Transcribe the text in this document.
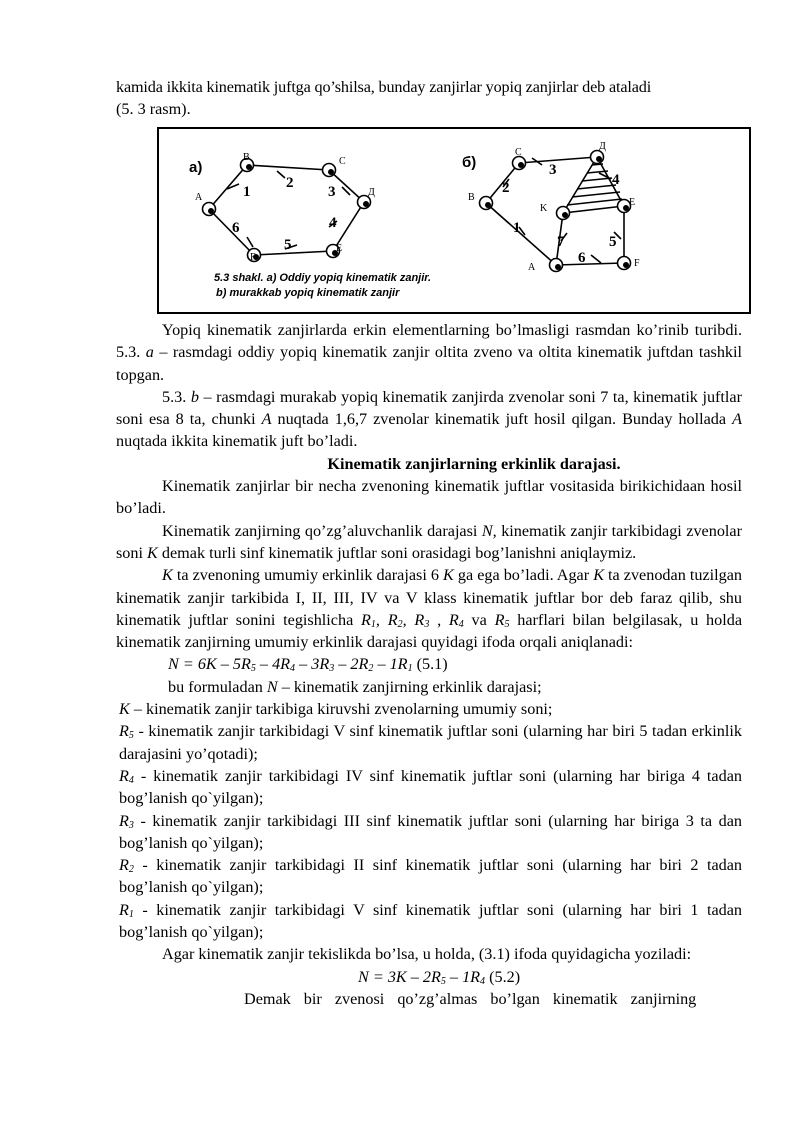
kamida ikkita kinematik juftga qo’shilsa, bunday zanjirlar yopiq zanjirlar deb ataladi

(5. 3 rasm).

a)	б)
A
B	C
Д
E
F
C
Д
B
K
E
A	F
1
2
3
4
5
6
2
3
4
1
7	5
6
5.3 shakl. a) Oddiy yopiq kinematik zanjir.
b) murakkab yopiq kinematik zanjir

Yopiq kinematik zanjirlarda erkin elementlarning bo’lmasligi rasmdan ko’rinib turibdi. 5.3. a – rasmdagi oddiy yopiq kinematik zanjir oltita zveno va oltita kinematik juftdan tashkil topgan.

5.3. b – rasmdagi murakab yopiq kinematik zanjirda zvenolar soni 7 ta, kinematik juftlar soni esa 8 ta, chunki A nuqtada 1,6,7 zvenolar kinematik juft hosil qilgan. Bunday hollada A nuqtada ikkita kinematik juft bo’ladi.

Kinematik zanjirlarning erkinlik darajasi.

Kinematik zanjirlar bir necha zvenoning kinematik juftlar vositasida birikichidaan hosil bo’ladi.

Kinematik zanjirning qo’zg’aluvchanlik darajasi N, kinematik zanjir tarkibidagi zvenolar soni K demak turli sinf kinematik juftlar soni orasidagi bog’lanishni aniqlaymiz.

K ta zvenoning umumiy erkinlik darajasi 6 K ga ega bo’ladi. Agar K ta zvenodan tuzilgan kinematik zanjir tarkibida I, II, III, IV va V klass kinematik juftlar bor deb faraz qilib, shu kinematik juftlar sonini tegishlicha $R_1$, $R_2$, $R_3$ , $R_4$ va $R_5$ harflari bilan belgilasak, u holda kinematik zanjirning umumiy erkinlik darajasi quyidagi ifoda orqali aniqlanadi:

$N = 6K - 5R_5 - 4R_4 - 3R_3 - 2R_2 - 1R_1$ (5.1)

bu formuladan N – kinematik zanjirning erkinlik darajasi;

K – kinematik zanjir tarkibiga kiruvshi zvenolarning umumiy soni;

$R_5$ - kinematik zanjir tarkibidagi V sinf kinematik juftlar soni (ularning har biri 5 tadan erkinlik darajasini yo’qotadi);

$R_4$ - kinematik zanjir tarkibidagi IV sinf kinematik juftlar soni (ularning har biriga 4 tadan bog’lanish qo`yilgan);

$R_3$ - kinematik zanjir tarkibidagi III sinf kinematik juftlar soni (ularning har biriga 3 ta dan bog’lanish qo`yilgan);

$R_2$ - kinematik zanjir tarkibidagi II sinf kinematik juftlar soni (ularning har biri 2 tadan bog’lanish qo`yilgan);

$R_1$ - kinematik zanjir tarkibidagi V sinf kinematik juftlar soni (ularning har biri 1 tadan bog’lanish qo`yilgan);

Agar kinematik zanjir tekislikda bo’lsa, u holda, (3.1) ifoda quyidagicha yoziladi:

$N = 3K - 2R_5 - 1R_4$ (5.2)

Demak bir zvenosi qo’zg’almas bo’lgan kinematik zanjirning
